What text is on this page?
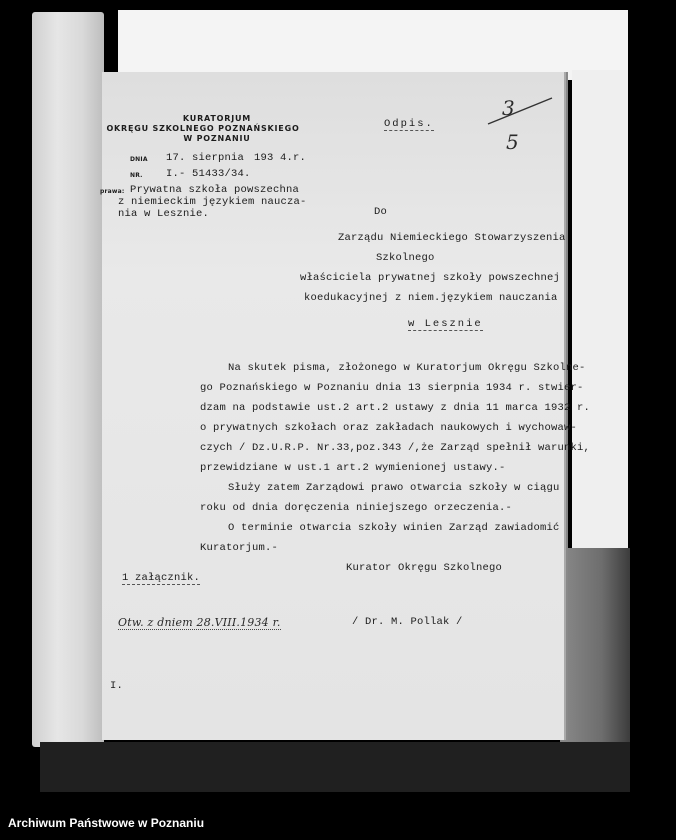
KURATORJUM
OKRĘGU SZKOLNEGO POZNAŃSKIEGO
W POZNANIU
DNIA 17. sierpnia 193 4.r.
NR. I.- 51433/34.
prawa: Prywatna szkoła powszechna
z niemieckim językiem naucza-
nia w Lesznie.
Odpis.
3
5
Do
Zarządu Niemieckiego Stowarzyszenia
Szkolnego
właściciela prywatnej szkoły powszechnej
koedukacyjnej z niem.językiem nauczania
w Lesznie
Na skutek pisma, złożonego w Kuratorjum Okręgu Szkolne-
go Poznańskiego w Poznaniu dnia 13 sierpnia 1934 r. stwier-
dzam na podstawie ust.2 art.2 ustawy z dnia 11 marca 1932 r.
o prywatnych szkołach oraz zakładach naukowych i wychowaw-
czych / Dz.U.R.P. Nr.33,poz.343 /,że Zarząd spełnił warunki,
przewidziane w ust.1 art.2 wymienionej ustawy.-
Służy zatem Zarządowi prawo otwarcia szkoły w ciągu
roku od dnia doręczenia niniejszego orzeczenia.-
O terminie otwarcia szkoły winien Zarząd zawiadomić
Kuratorjum.-
Kurator Okręgu Szkolnego
/ Dr. M. Pollak /
1 załącznik.
Otw. z dniem 28.VIII.1934 r.
I.
Archiwum Państwowe w Poznaniu
